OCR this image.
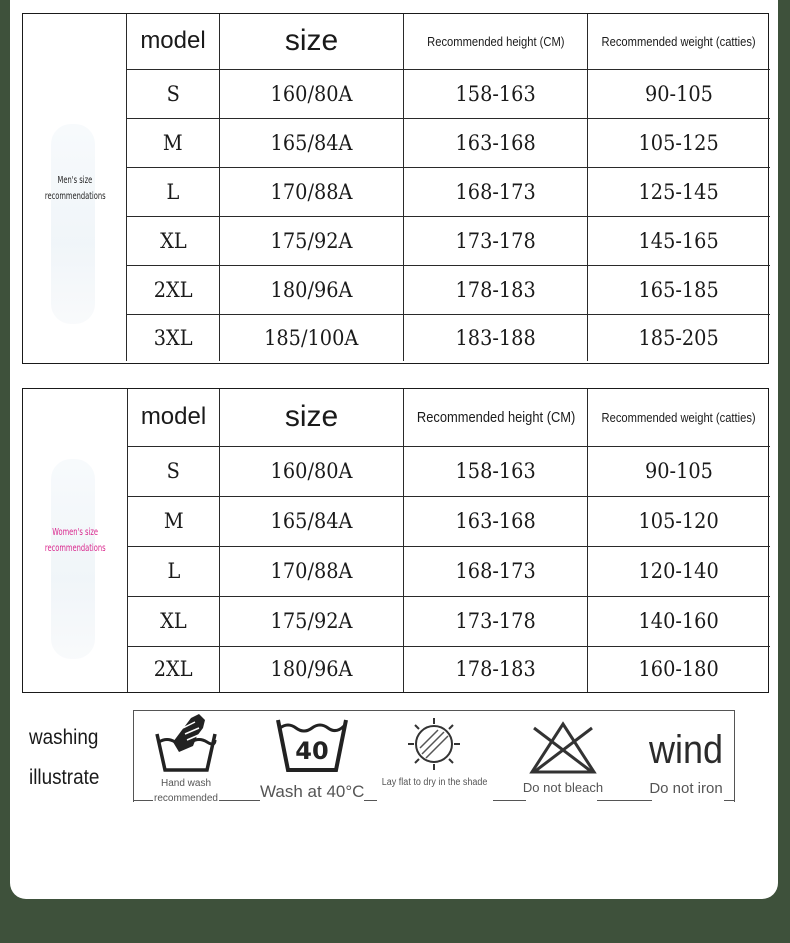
Men's size
recommendations
model	size	Recommended height (CM)	Recommended weight (catties)
S	160/80A	158-163	90-105
M	165/84A	163-168	105-125
L	170/88A	168-173	125-145
XL	175/92A	173-178	145-165
2XL	180/96A	178-183	165-185
3XL	185/100A	183-188	185-205
Women's size
recommendations
model	size	Recommended height (CM)	Recommended weight (catties)
S	160/80A	158-163	90-105
M	165/84A	163-168	105-120
L	170/88A	168-173	120-140
XL	175/92A	173-178	140-160
2XL	180/96A	178-183	160-180
washing
illustrate	Hand wash
recommended
40
Wash at 40°C Lay flat to dry in the shade	Do not bleach
wind
Do not iron
